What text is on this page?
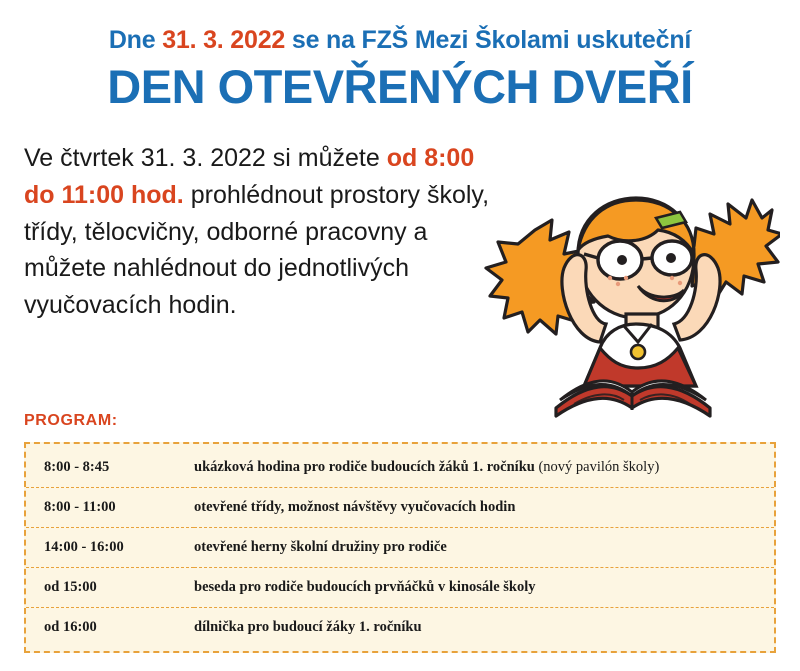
Dne 31. 3. 2022 se na FZŠ Mezi Školami uskuteční
DEN OTEVŘENÝCH DVEŘÍ
Ve čtvrtek 31. 3. 2022 si můžete od 8:00 do 11:00 hod. prohlédnout prostory školy, třídy, tělocvičny, odborné pracovny a můžete nahlédnout do jednotlivých vyučovacích hodin.
PROGRAM:
8:00 - 8:45	ukázková hodina pro rodiče budoucích žáků 1. ročníku (nový pavilón školy)
8:00 - 11:00	otevřené třídy, možnost návštěvy vyučovacích hodin
14:00 - 16:00	otevřené herny školní družiny pro rodiče
od 15:00	beseda pro rodiče budoucích prvňáčků v kinosále školy
od 16:00	dílnička pro budoucí žáky 1. ročníku
